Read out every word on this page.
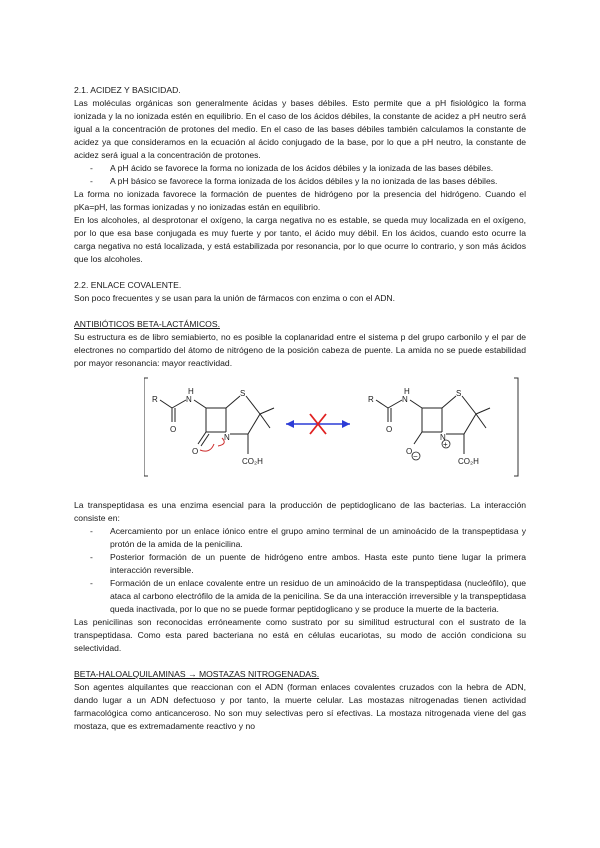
2.1. ACIDEZ Y BASICIDAD.

Las moléculas orgánicas son generalmente ácidas y bases débiles. Esto permite que a pH fisiológico la forma ionizada y la no ionizada estén en equilibrio. En el caso de los ácidos débiles, la constante de acidez a pH neutro será igual a la concentración de protones del medio. En el caso de las bases débiles también calculamos la constante de acidez ya que consideramos en la ecuación al ácido conjugado de la base, por lo que a pH neutro, la constante de acidez será igual a la concentración de protones.

- A pH ácido se favorece la forma no ionizada de los ácidos débiles y la ionizada de las bases débiles.
- A pH básico se favorece la forma ionizada de los ácidos débiles y la no ionizada de las bases débiles.

La forma no ionizada favorece la formación de puentes de hidrógeno por la presencia del hidrógeno. Cuando el pKa=pH, las formas ionizadas y no ionizadas están en equilibrio.

En los alcoholes, al desprotonar el oxígeno, la carga negativa no es estable, se queda muy localizada en el oxígeno, por lo que esa base conjugada es muy fuerte y por tanto, el ácido muy débil. En los ácidos, cuando esto ocurre la carga negativa no está localizada, y está estabilizada por resonancia, por lo que ocurre lo contrario, y son más ácidos que los alcoholes.

2.2. ENLACE COVALENTE.

Son poco frecuentes y se usan para la unión de fármacos con enzima o con el ADN.

ANTIBIÓTICOS BETA-LACTÁMICOS.

Su estructura es de libro semiabierto, no es posible la coplanaridad entre el sistema p del grupo carbonilo y el par de electrones no compartido del átomo de nitrógeno de la posición cabeza de puente. La amida no se puede estabilidad por mayor resonancia: mayor reactividad.

R	N
H
O
N
S
O
CO₂H
R	N
H
O
N
S
O
CO₂H
+
−

La transpeptidasa es una enzima esencial para la producción de peptidoglicano de las bacterias. La interacción consiste en:

- Acercamiento por un enlace iónico entre el grupo amino terminal de un aminoácido de la transpeptidasa y protón de la amida de la penicilina.
- Posterior formación de un puente de hidrógeno entre ambos. Hasta este punto tiene lugar la primera interacción reversible.
- Formación de un enlace covalente entre un residuo de un aminoácido de la transpeptidasa (nucleófilo), que ataca al carbono electrófilo de la amida de la penicilina. Se da una interacción irreversible y la transpeptidasa queda inactivada, por lo que no se puede formar peptidoglicano y se produce la muerte de la bacteria.

Las penicilinas son reconocidas erróneamente como sustrato por su similitud estructural con el sustrato de la transpeptidasa. Como esta pared bacteriana no está en células eucariotas, su modo de acción condiciona su selectividad.

BETA-HALOALQUILAMINAS → MOSTAZAS NITROGENADAS.

Son agentes alquilantes que reaccionan con el ADN (forman enlaces covalentes cruzados con la hebra de ADN, dando lugar a un ADN defectuoso y por tanto, la muerte celular. Las mostazas nitrogenadas tienen actividad farmacológica como anticanceroso. No son muy selectivas pero sí efectivas. La mostaza nitrogenada viene del gas mostaza, que es extremadamente reactivo y no
